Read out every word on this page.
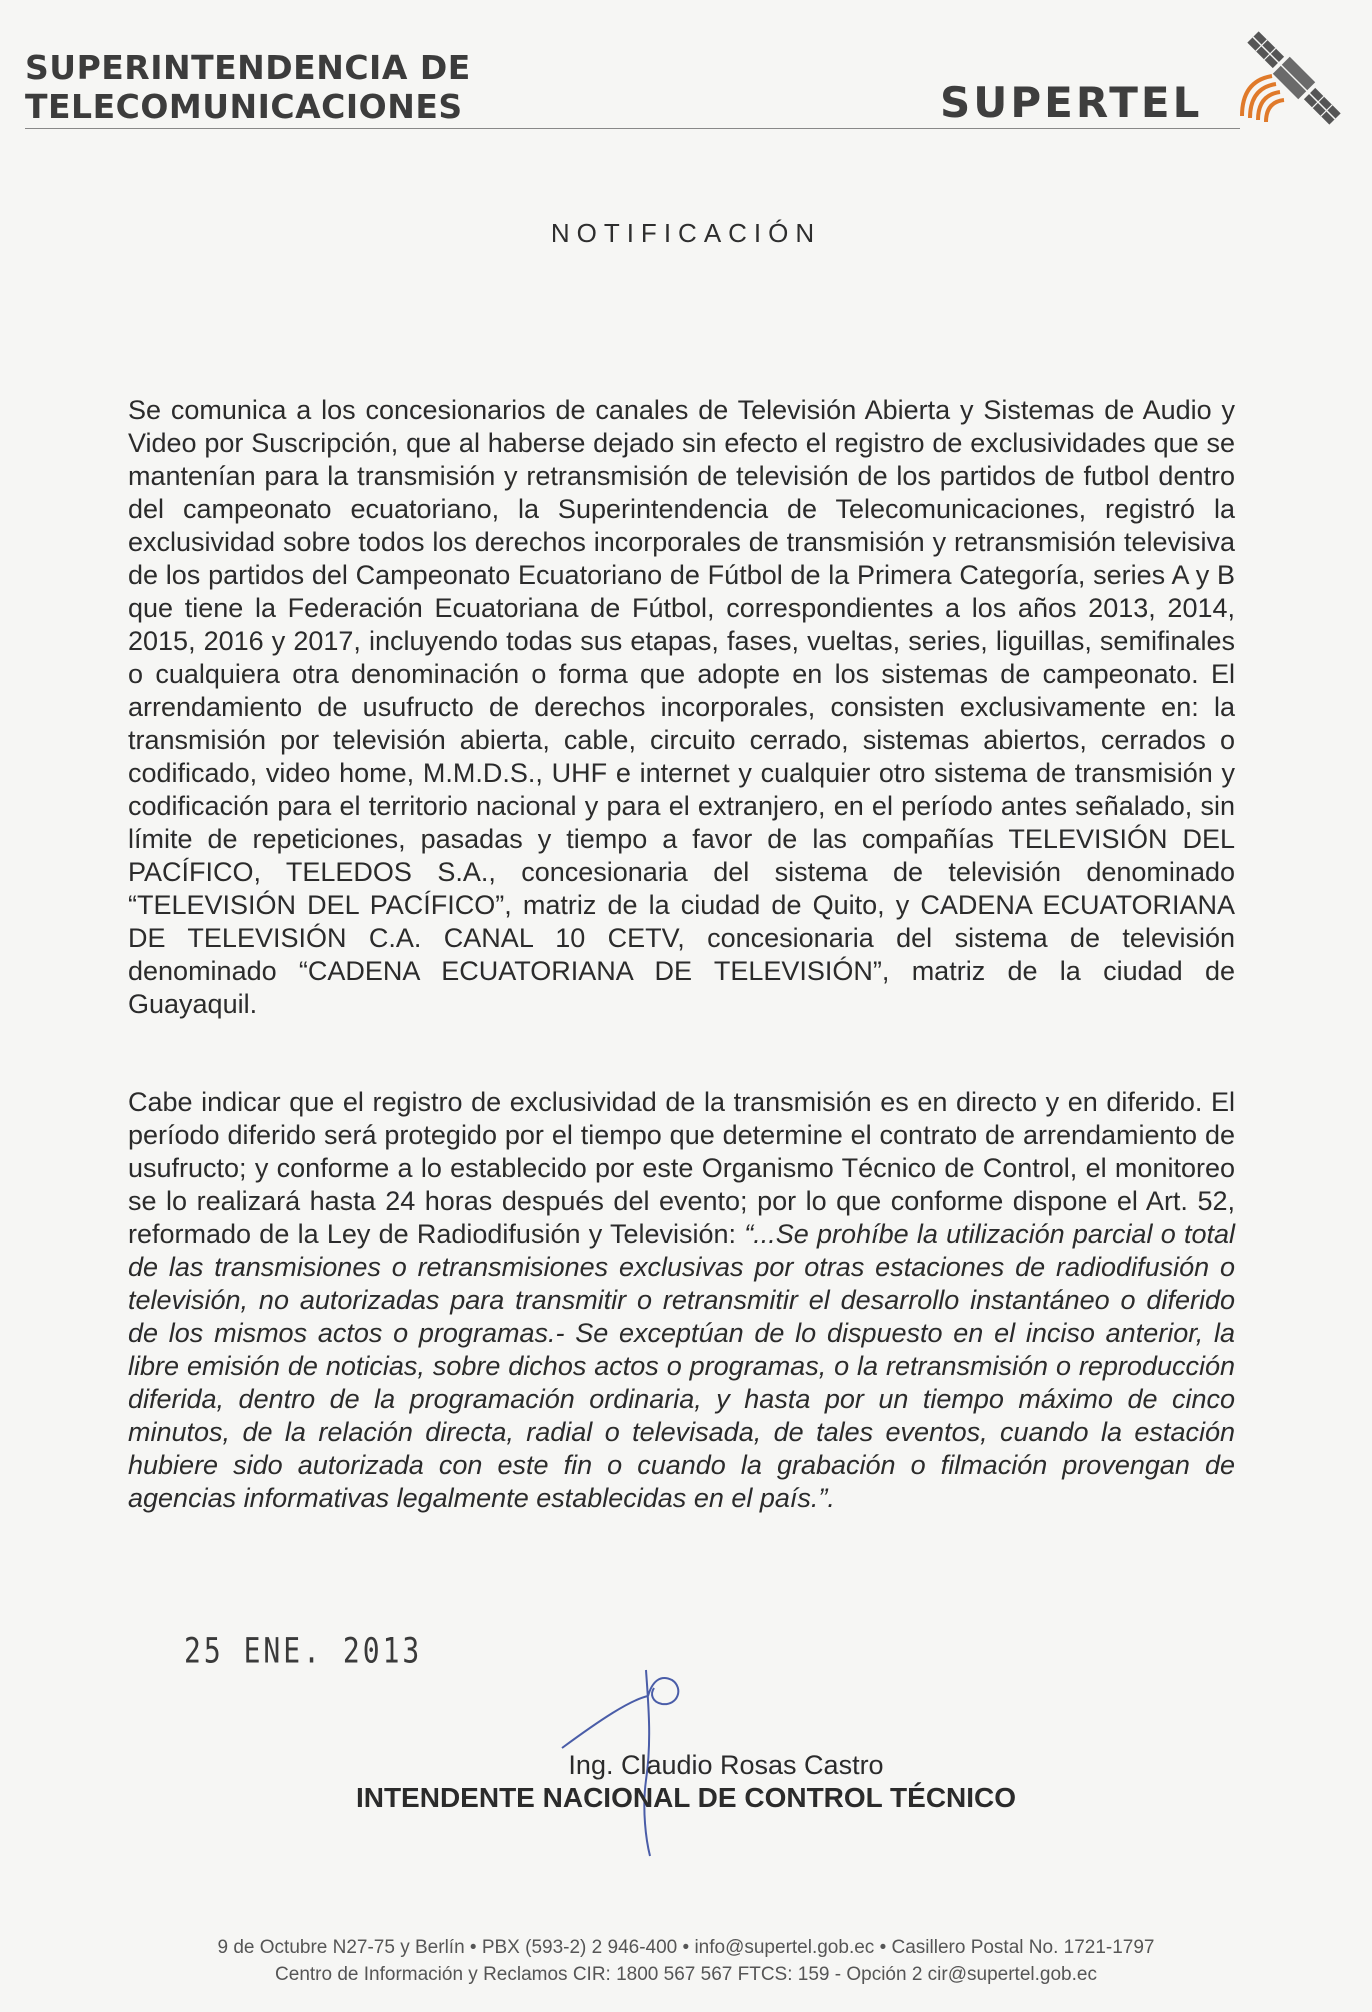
SUPERINTENDENCIA DE
TELECOMUNICACIONES	SUPERTEL
NOTIFICACIÓN

Se comunica a los concesionarios de canales de Televisión Abierta y Sistemas de Audio y Video por Suscripción, que al haberse dejado sin efecto el registro de exclusividades que se mantenían para la transmisión y retransmisión de televisión de los partidos de futbol dentro del campeonato ecuatoriano, la Superintendencia de Telecomunicaciones, registró la exclusividad sobre todos los derechos incorporales de transmisión y retransmisión televisiva de los partidos del Campeonato Ecuatoriano de Fútbol de la Primera Categoría, series A y B que tiene la Federación Ecuatoriana de Fútbol, correspondientes a los años 2013, 2014, 2015, 2016 y 2017, incluyendo todas sus etapas, fases, vueltas, series, liguillas, semifinales o cualquiera otra denominación o forma que adopte en los sistemas de campeonato. El arrendamiento de usufructo de derechos incorporales, consisten exclusivamente en: la transmisión por televisión abierta, cable, circuito cerrado, sistemas abiertos, cerrados o codificado, video home, M.M.D.S., UHF e internet y cualquier otro sistema de transmisión y codificación para el territorio nacional y para el extranjero, en el período antes señalado, sin límite de repeticiones, pasadas y tiempo a favor de las compañías TELEVISIÓN DEL PACÍFICO, TELEDOS S.A., concesionaria del sistema de televisión denominado “TELEVISIÓN DEL PACÍFICO”, matriz de la ciudad de Quito, y CADENA ECUATORIANA DE TELEVISIÓN C.A. CANAL 10 CETV, concesionaria del sistema de televisión denominado “CADENA ECUATORIANA DE TELEVISIÓN”, matriz de la ciudad de Guayaquil.

Cabe indicar que el registro de exclusividad de la transmisión es en directo y en diferido. El período diferido será protegido por el tiempo que determine el contrato de arrendamiento de usufructo; y conforme a lo establecido por este Organismo Técnico de Control, el monitoreo se lo realizará hasta 24 horas después del evento; por lo que conforme dispone el Art. 52, reformado de la Ley de Radiodifusión y Televisión: “...Se prohíbe la utilización parcial o total de las transmisiones o retransmisiones exclusivas por otras estaciones de radiodifusión o televisión, no autorizadas para transmitir o retransmitir el desarrollo instantáneo o diferido de los mismos actos o programas.- Se exceptúan de lo dispuesto en el inciso anterior, la libre emisión de noticias, sobre dichos actos o programas, o la retransmisión o reproducción diferida, dentro de la programación ordinaria, y hasta por un tiempo máximo de cinco minutos, de la relación directa, radial o televisada, de tales eventos, cuando la estación hubiere sido autorizada con este fin o cuando la grabación o filmación provengan de agencias informativas legalmente establecidas en el país.”.

25 ENE. 2013
Ing. Claudio Rosas Castro
INTENDENTE NACIONAL DE CONTROL TÉCNICO
9 de Octubre N27-75 y Berlín • PBX (593-2) 2 946-400 • info@supertel.gob.ec • Casillero Postal No. 1721-1797
Centro de Información y Reclamos CIR: 1800 567 567 FTCS: 159 - Opción 2 cir@supertel.gob.ec
